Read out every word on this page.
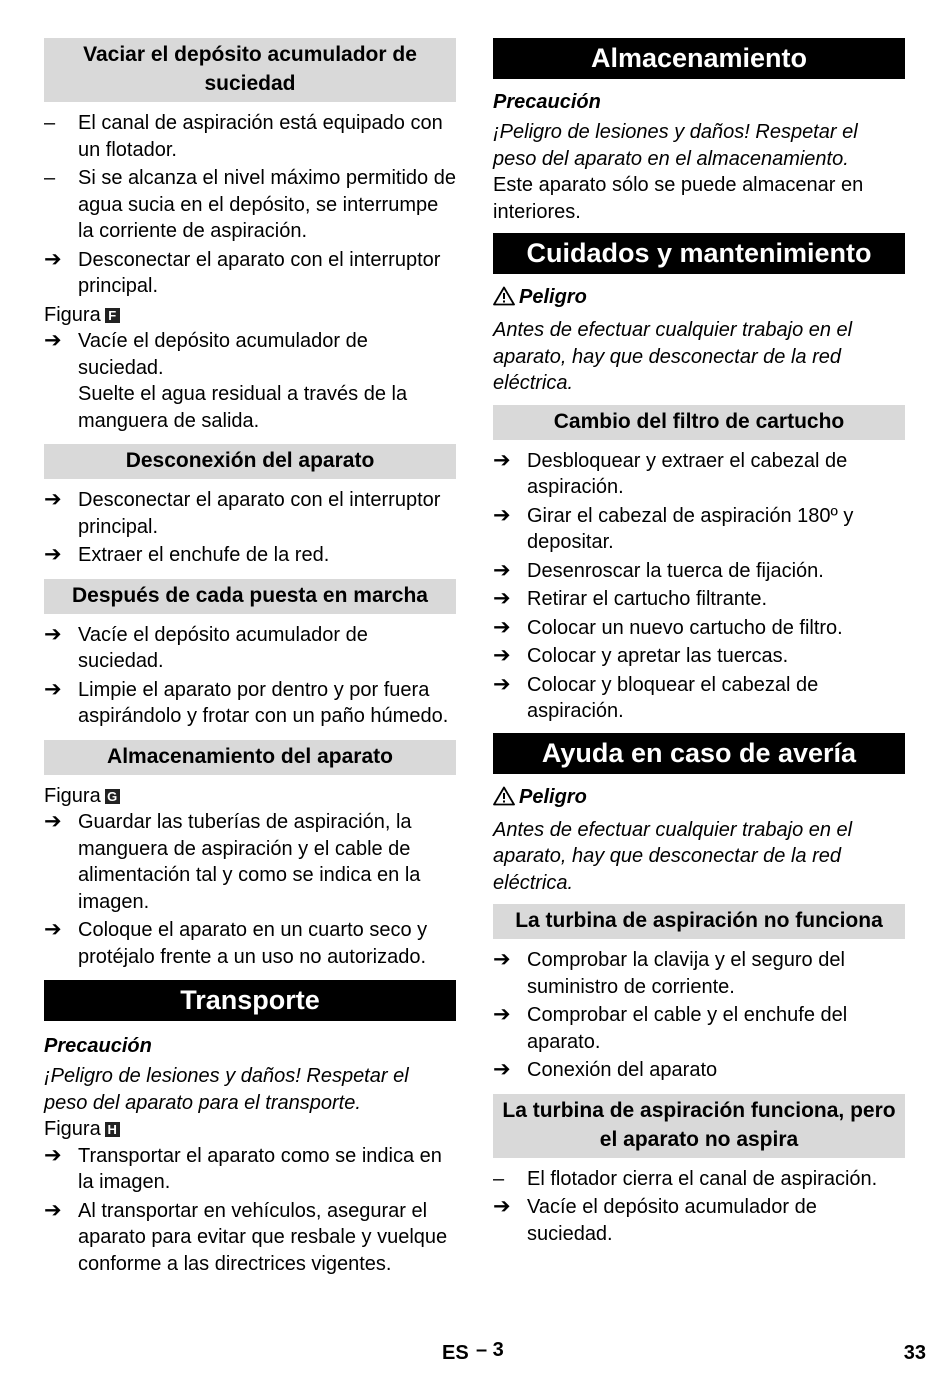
Vaciar el depósito acumulador de suciedad
–	El canal de aspiración está equipado con un flotador.
–	Si se alcanza el nivel máximo permitido de agua sucia en el depósito, se interrumpe la corriente de aspiración.
➔ Desconectar el aparato con el interruptor principal.
Figura F
➔ Vacíe el depósito acumulador de suciedad.
Suelte el agua residual a través de la manguera de salida.
Desconexión del aparato
➔ Desconectar el aparato con el interruptor principal.
➔ Extraer el enchufe de la red.
Después de cada puesta en marcha
➔ Vacíe el depósito acumulador de suciedad.
➔ Limpie el aparato por dentro y por fuera aspirándolo y frotar con un paño húmedo.
Almacenamiento del aparato
Figura G
➔ Guardar las tuberías de aspiración, la manguera de aspiración y el cable de alimentación tal y como se indica en la imagen.
➔ Coloque el aparato en un cuarto seco y protéjalo frente a un uso no autorizado.
Transporte
Precaución
¡Peligro de lesiones y daños! Respetar el peso del aparato para el transporte.
Figura H
➔ Transportar el aparato como se indica en la imagen.
➔ Al transportar en vehículos, asegurar el aparato para evitar que resbale y vuelque conforme a las directrices vigentes.
Almacenamiento
Precaución
¡Peligro de lesiones y daños! Respetar el peso del aparato en el almacenamiento.
Este aparato sólo se puede almacenar en interiores.
Cuidados y mantenimiento
Peligro
Antes de efectuar cualquier trabajo en el aparato, hay que desconectar de la red eléctrica.
Cambio del filtro de cartucho
➔ Desbloquear y extraer el cabezal de aspiración.
➔ Girar el cabezal de aspiración 180º y depositar.
➔ Desenroscar la tuerca de fijación.
➔ Retirar el cartucho filtrante.
➔ Colocar un nuevo cartucho de filtro.
➔ Colocar y apretar las tuercas.
➔ Colocar y bloquear el cabezal de aspiración.
Ayuda en caso de avería
Peligro
Antes de efectuar cualquier trabajo en el aparato, hay que desconectar de la red eléctrica.
La turbina de aspiración no funciona
➔ Comprobar la clavija y el seguro del suministro de corriente.
➔ Comprobar el cable y el enchufe del aparato.
➔ Conexión del aparato
La turbina de aspiración funciona, pero el aparato no aspira
–	El flotador cierra el canal de aspiración.
➔ Vacíe el depósito acumulador de suciedad.
ES – 3	33
